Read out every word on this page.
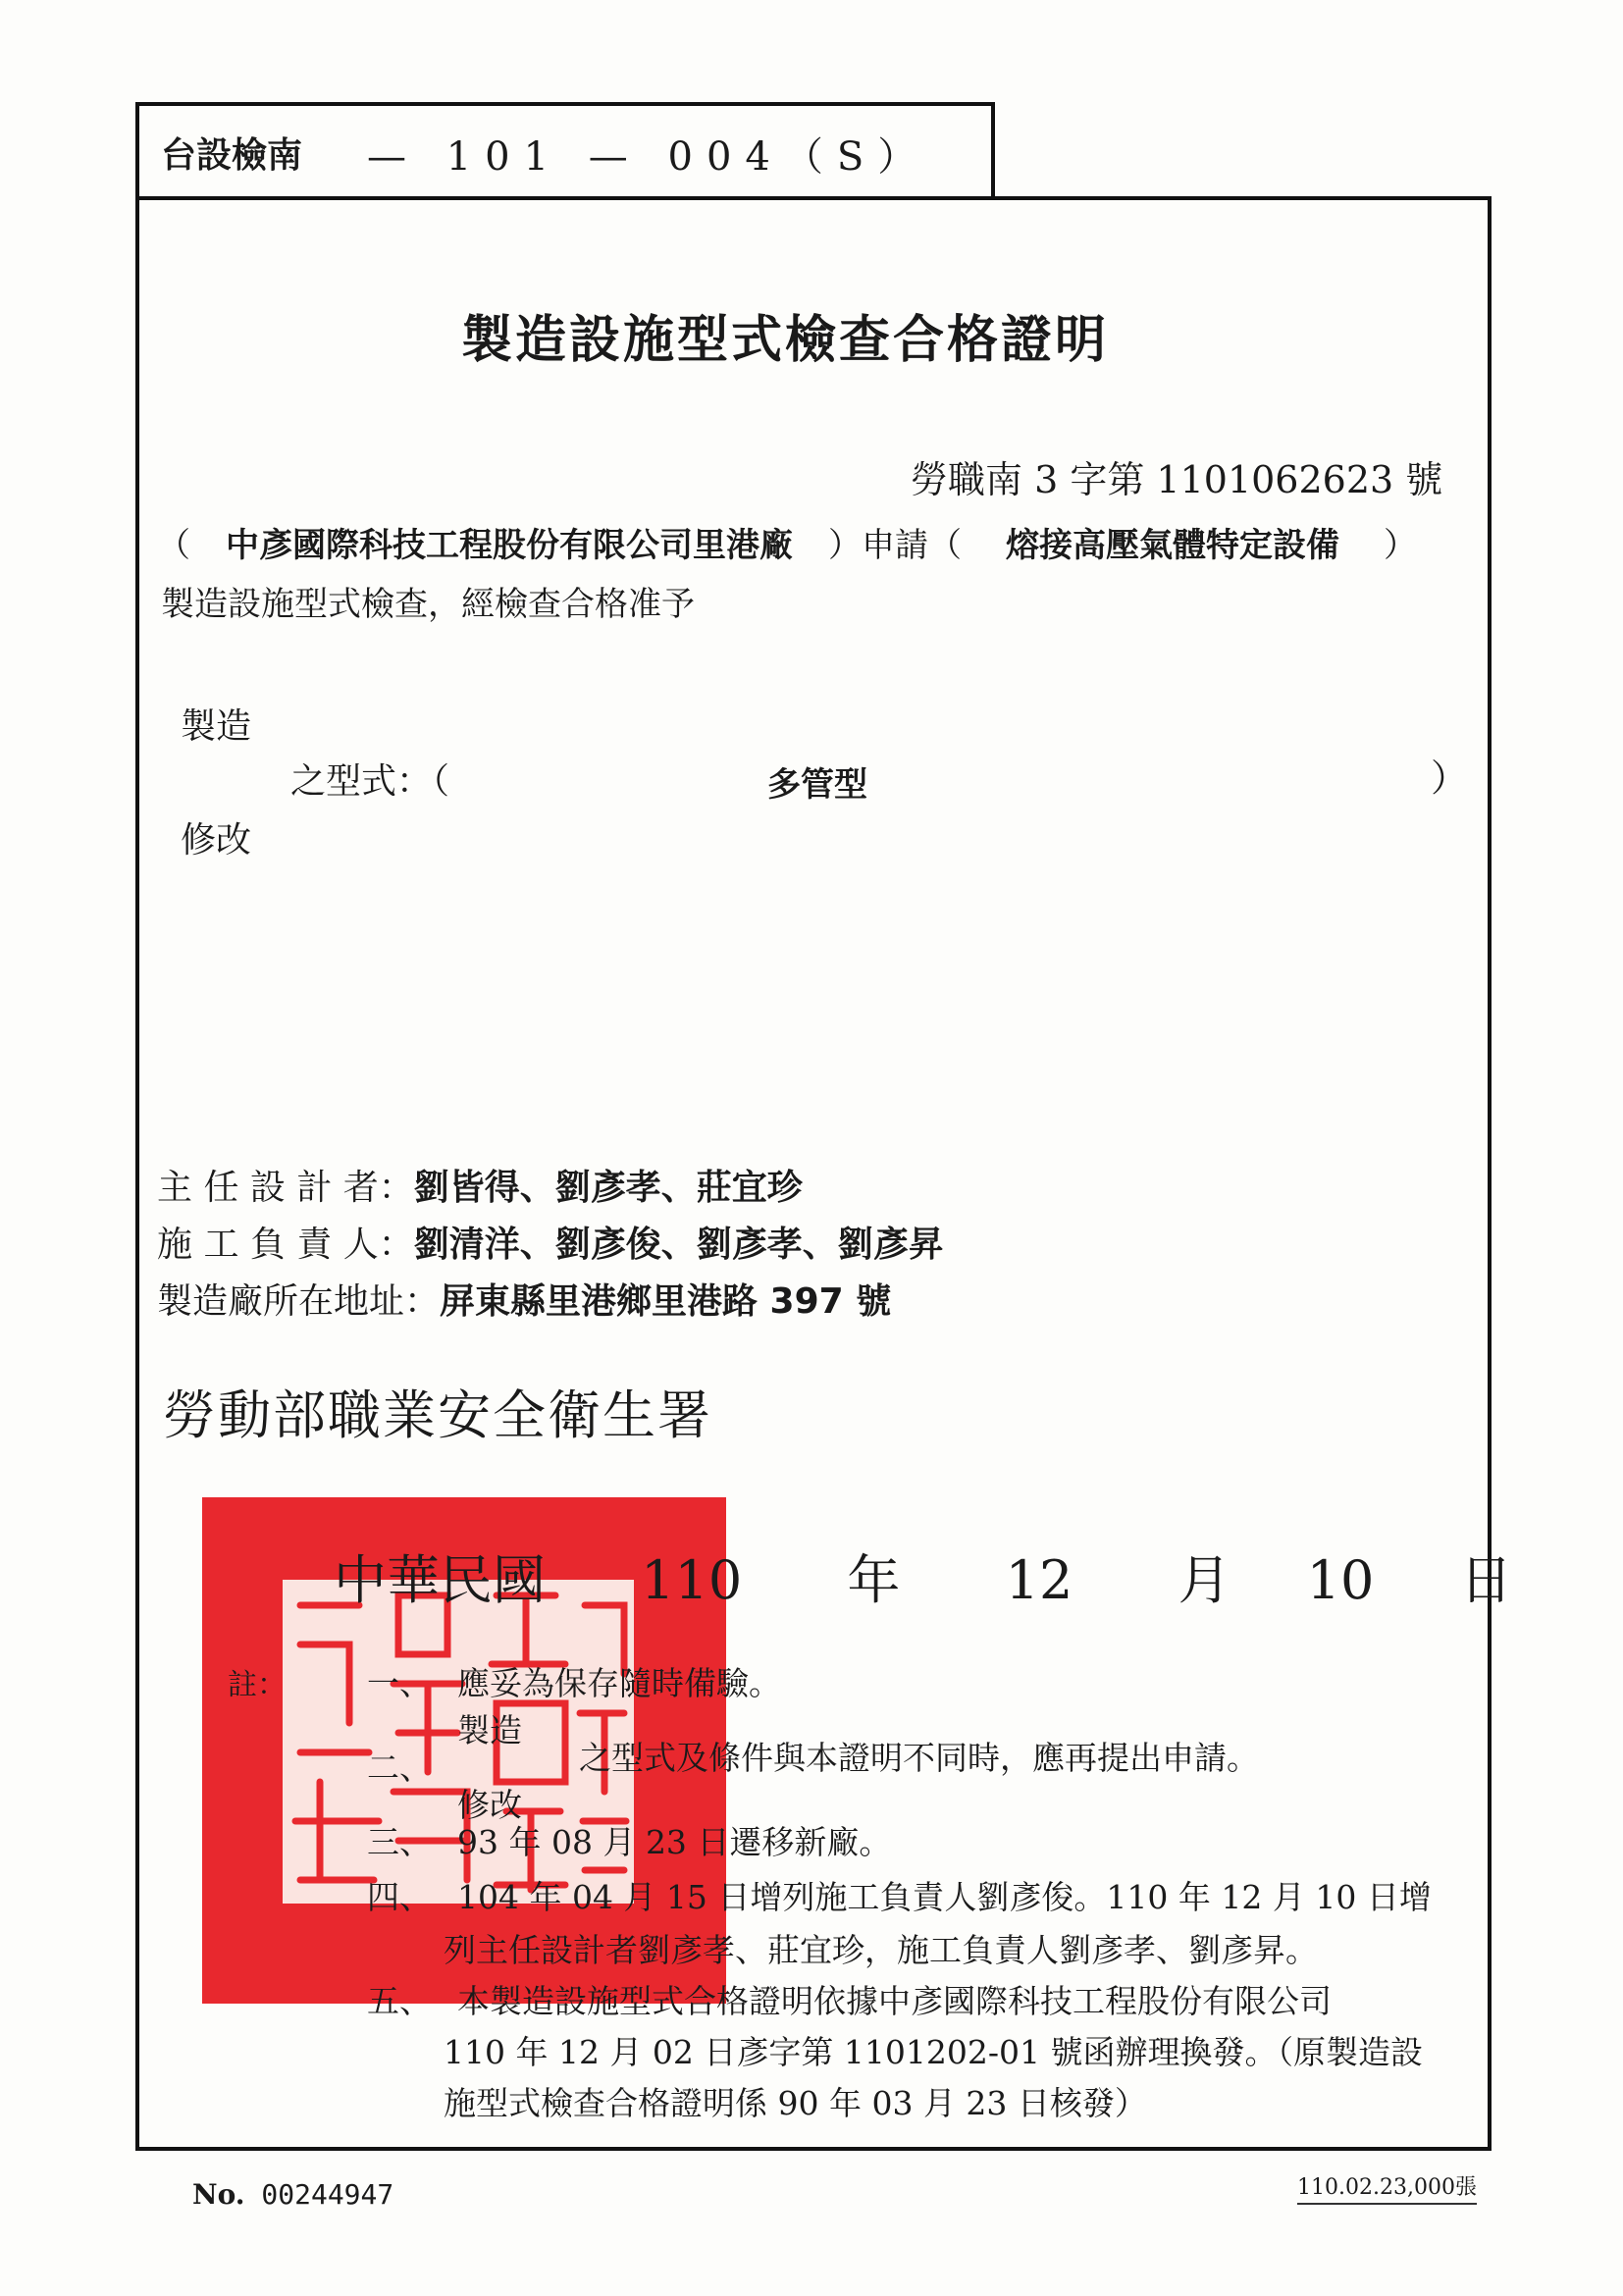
台設檢南 — 101 — 004（S）
製造設施型式檢查合格證明
勞職南 3 字第 1101062623 號
（ 中彥國際科技工程股份有限公司里港廠 ）申請（ 熔接高壓氣體特定設備 ）
製造設施型式檢查，經檢查合格准予
製造
之型式：（	多管型	）
修改
主 任 設 計 者：劉皆得、劉彥孝、莊宜珍
施 工 負 責 人：劉清洋、劉彥俊、劉彥孝、劉彥昇
製造廠所在地址：屏東縣里港鄉里港路 397 號
勞動部職業安全衛生署
中華民國 110 年 12 月 10 日
註： 一、 應妥為保存隨時備驗。
製造
二、	之型式及條件與本證明不同時，應再提出申請。
修改
三、 93 年 08 月 23 日遷移新廠。
四、 104 年 04 月 15 日增列施工負責人劉彥俊。110 年 12 月 10 日增
列主任設計者劉彥孝、莊宜珍，施工負責人劉彥孝、劉彥昇。
五、 本製造設施型式合格證明依據中彥國際科技工程股份有限公司
110 年 12 月 02 日彥字第 1101202-01 號函辦理換發。（原製造設
施型式檢查合格證明係 90 年 03 月 23 日核發）
No. 00244947	110.02.23,000張
